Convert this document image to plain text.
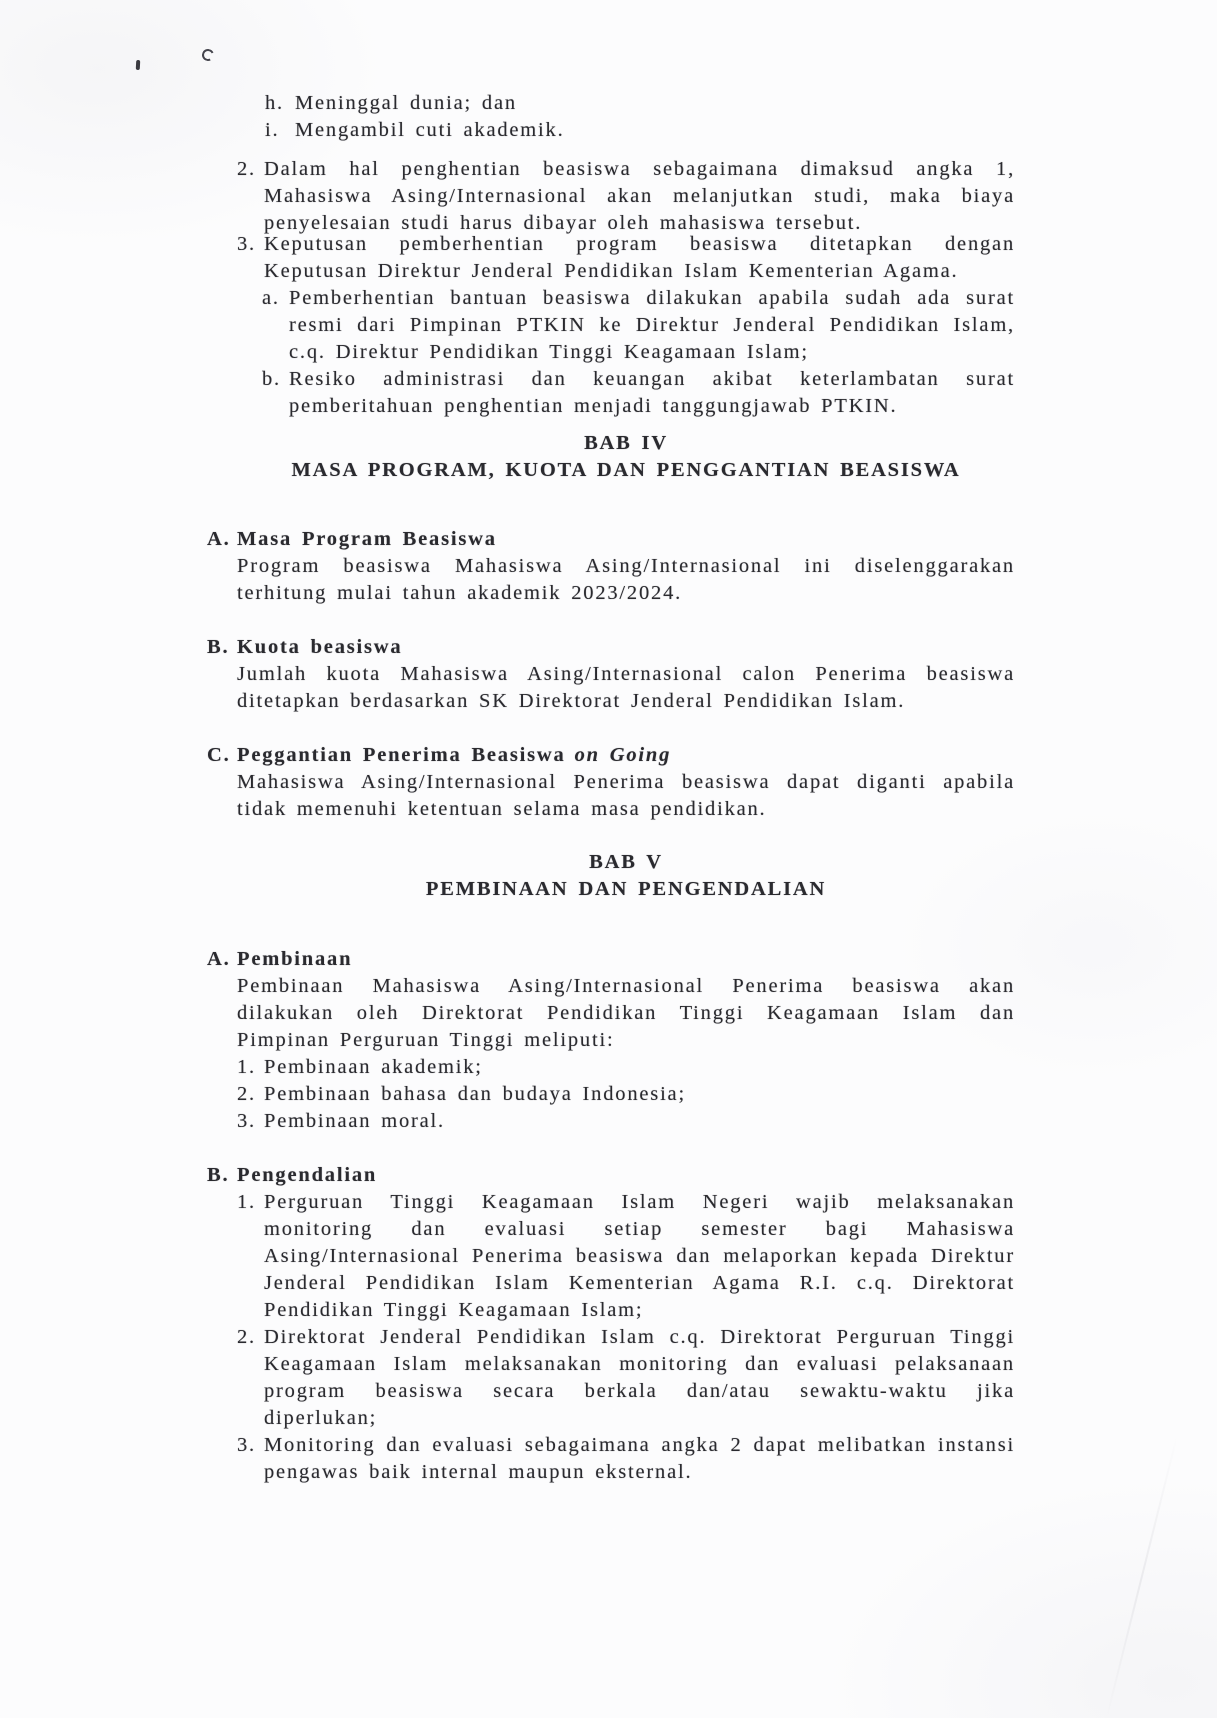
h. Meninggal dunia; dan
i. Mengambil cuti akademik.
2. Dalam hal penghentian beasiswa sebagaimana dimaksud angka 1, Mahasiswa Asing/Internasional akan melanjutkan studi, maka biaya penyelesaian studi harus dibayar oleh mahasiswa tersebut.
3. Keputusan pemberhentian program beasiswa ditetapkan dengan Keputusan Direktur Jenderal Pendidikan Islam Kementerian Agama.
a. Pemberhentian bantuan beasiswa dilakukan apabila sudah ada surat resmi dari Pimpinan PTKIN ke Direktur Jenderal Pendidikan Islam, c.q. Direktur Pendidikan Tinggi Keagamaan Islam;
b. Resiko administrasi dan keuangan akibat keterlambatan surat pemberitahuan penghentian menjadi tanggungjawab PTKIN.
BAB IV
MASA PROGRAM, KUOTA DAN PENGGANTIAN BEASISWA
A. Masa Program Beasiswa
Program beasiswa Mahasiswa Asing/Internasional ini diselenggarakan terhitung mulai tahun akademik 2023/2024.
B. Kuota beasiswa
Jumlah kuota Mahasiswa Asing/Internasional calon Penerima beasiswa ditetapkan berdasarkan SK Direktorat Jenderal Pendidikan Islam.
C. Peggantian Penerima Beasiswa on Going
Mahasiswa Asing/Internasional Penerima beasiswa dapat diganti apabila tidak memenuhi ketentuan selama masa pendidikan.
BAB V
PEMBINAAN DAN PENGENDALIAN
A. Pembinaan
Pembinaan Mahasiswa Asing/Internasional Penerima beasiswa akan dilakukan oleh Direktorat Pendidikan Tinggi Keagamaan Islam dan Pimpinan Perguruan Tinggi meliputi:
1. Pembinaan akademik;
2. Pembinaan bahasa dan budaya Indonesia;
3. Pembinaan moral.
B. Pengendalian
1. Perguruan Tinggi Keagamaan Islam Negeri wajib melaksanakan monitoring dan evaluasi setiap semester bagi Mahasiswa Asing/Internasional Penerima beasiswa dan melaporkan kepada Direktur Jenderal Pendidikan Islam Kementerian Agama R.I. c.q. Direktorat Pendidikan Tinggi Keagamaan Islam;
2. Direktorat Jenderal Pendidikan Islam c.q. Direktorat Perguruan Tinggi Keagamaan Islam melaksanakan monitoring dan evaluasi pelaksanaan program beasiswa secara berkala dan/atau sewaktu-waktu jika diperlukan;
3. Monitoring dan evaluasi sebagaimana angka 2 dapat melibatkan instansi pengawas baik internal maupun eksternal.
